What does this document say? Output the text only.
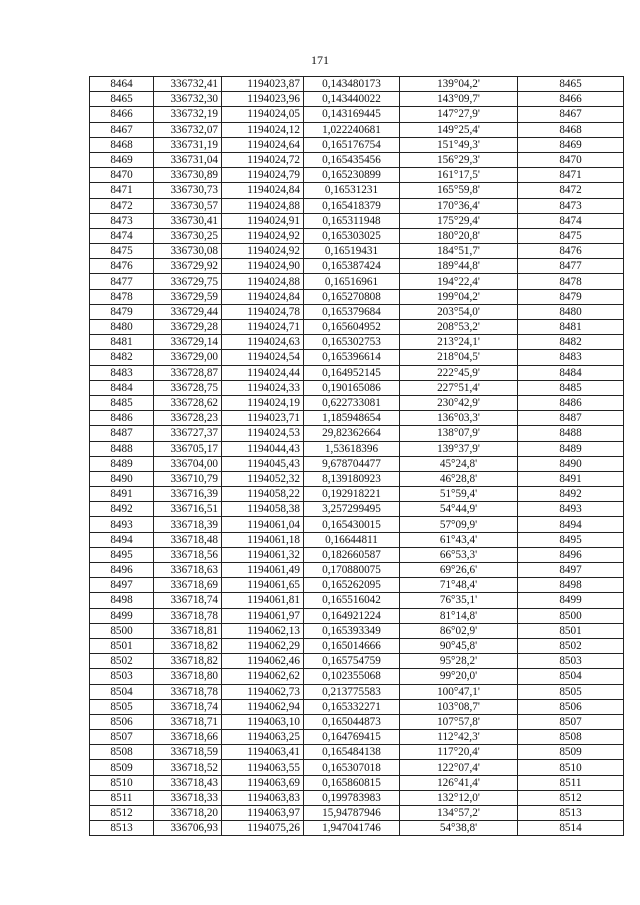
171
8464	336732,41	1194023,87	0,143480173	139°04,2'	8465
8465	336732,30	1194023,96	0,143440022	143°09,7'	8466
8466	336732,19	1194024,05	0,143169445	147°27,9'	8467
8467	336732,07	1194024,12	1,022240681	149°25,4'	8468
8468	336731,19	1194024,64	0,165176754	151°49,3'	8469
8469	336731,04	1194024,72	0,165435456	156°29,3'	8470
8470	336730,89	1194024,79	0,165230899	161°17,5'	8471
8471	336730,73	1194024,84	0,16531231	165°59,8'	8472
8472	336730,57	1194024,88	0,165418379	170°36,4'	8473
8473	336730,41	1194024,91	0,165311948	175°29,4'	8474
8474	336730,25	1194024,92	0,165303025	180°20,8'	8475
8475	336730,08	1194024,92	0,16519431	184°51,7'	8476
8476	336729,92	1194024,90	0,165387424	189°44,8'	8477
8477	336729,75	1194024,88	0,16516961	194°22,4'	8478
8478	336729,59	1194024,84	0,165270808	199°04,2'	8479
8479	336729,44	1194024,78	0,165379684	203°54,0'	8480
8480	336729,28	1194024,71	0,165604952	208°53,2'	8481
8481	336729,14	1194024,63	0,165302753	213°24,1'	8482
8482	336729,00	1194024,54	0,165396614	218°04,5'	8483
8483	336728,87	1194024,44	0,164952145	222°45,9'	8484
8484	336728,75	1194024,33	0,190165086	227°51,4'	8485
8485	336728,62	1194024,19	0,622733081	230°42,9'	8486
8486	336728,23	1194023,71	1,185948654	136°03,3'	8487
8487	336727,37	1194024,53	29,82362664	138°07,9'	8488
8488	336705,17	1194044,43	1,53618396	139°37,9'	8489
8489	336704,00	1194045,43	9,678704477	45°24,8'	8490
8490	336710,79	1194052,32	8,139180923	46°28,8'	8491
8491	336716,39	1194058,22	0,192918221	51°59,4'	8492
8492	336716,51	1194058,38	3,257299495	54°44,9'	8493
8493	336718,39	1194061,04	0,165430015	57°09,9'	8494
8494	336718,48	1194061,18	0,16644811	61°43,4'	8495
8495	336718,56	1194061,32	0,182660587	66°53,3'	8496
8496	336718,63	1194061,49	0,170880075	69°26,6'	8497
8497	336718,69	1194061,65	0,165262095	71°48,4'	8498
8498	336718,74	1194061,81	0,165516042	76°35,1'	8499
8499	336718,78	1194061,97	0,164921224	81°14,8'	8500
8500	336718,81	1194062,13	0,165393349	86°02,9'	8501
8501	336718,82	1194062,29	0,165014666	90°45,8'	8502
8502	336718,82	1194062,46	0,165754759	95°28,2'	8503
8503	336718,80	1194062,62	0,102355068	99°20,0'	8504
8504	336718,78	1194062,73	0,213775583	100°47,1'	8505
8505	336718,74	1194062,94	0,165332271	103°08,7'	8506
8506	336718,71	1194063,10	0,165044873	107°57,8'	8507
8507	336718,66	1194063,25	0,164769415	112°42,3'	8508
8508	336718,59	1194063,41	0,165484138	117°20,4'	8509
8509	336718,52	1194063,55	0,165307018	122°07,4'	8510
8510	336718,43	1194063,69	0,165860815	126°41,4'	8511
8511	336718,33	1194063,83	0,199783983	132°12,0'	8512
8512	336718,20	1194063,97	15,94787946	134°57,2'	8513
8513	336706,93	1194075,26	1,947041746	54°38,8'	8514
